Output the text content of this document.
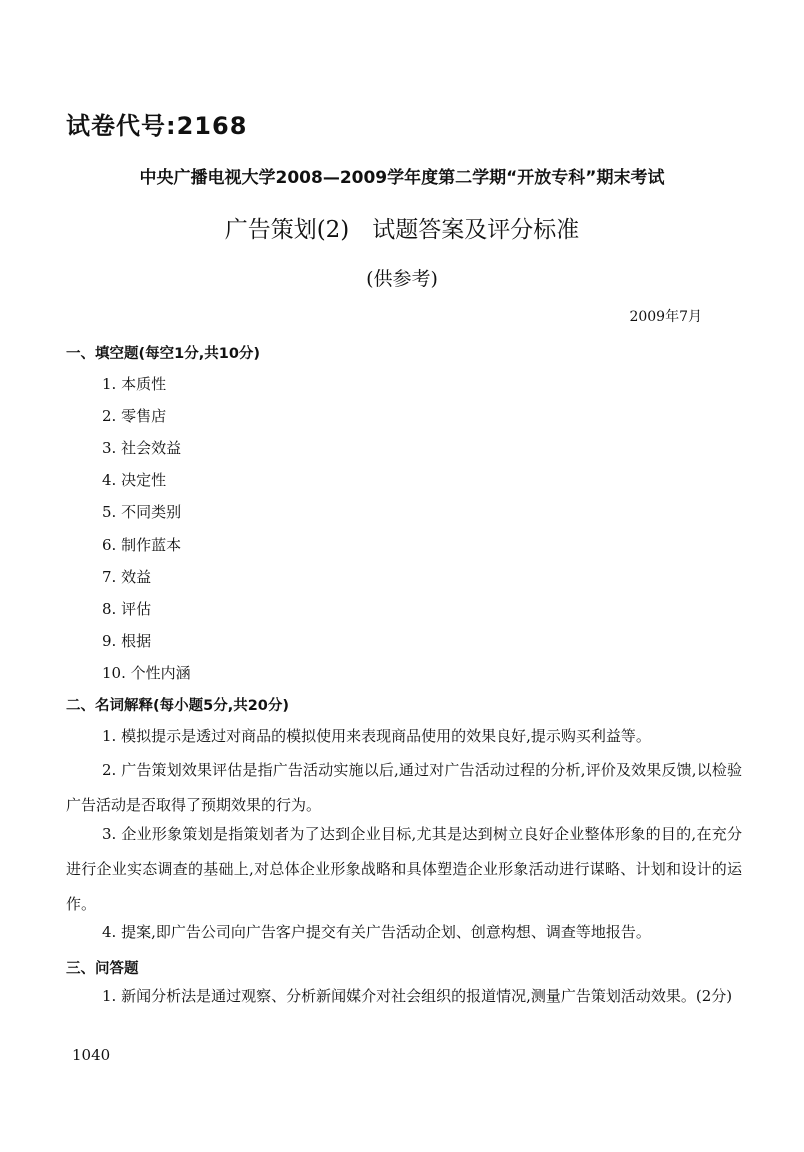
试卷代号:2168
中央广播电视大学2008—2009学年度第二学期“开放专科”期末考试
广告策划(2)　试题答案及评分标准
(供参考)
2009年7月
一、填空题(每空1分,共10分)
1. 本质性
2. 零售店
3. 社会效益
4. 决定性
5. 不同类别
6. 制作蓝本
7. 效益
8. 评估
9. 根据
10. 个性内涵
二、名词解释(每小题5分,共20分)
1. 模拟提示是透过对商品的模拟使用来表现商品使用的效果良好,提示购买利益等。
2. 广告策划效果评估是指广告活动实施以后,通过对广告活动过程的分析,评价及效果反馈,以检验广告活动是否取得了预期效果的行为。
3. 企业形象策划是指策划者为了达到企业目标,尤其是达到树立良好企业整体形象的目的,在充分进行企业实态调查的基础上,对总体企业形象战略和具体塑造企业形象活动进行谋略、计划和设计的运作。
4. 提案,即广告公司向广告客户提交有关广告活动企划、创意构想、调查等地报告。
三、问答题
1. 新闻分析法是通过观察、分析新闻媒介对社会组织的报道情况,测量广告策划活动效果。(2分)
1040
